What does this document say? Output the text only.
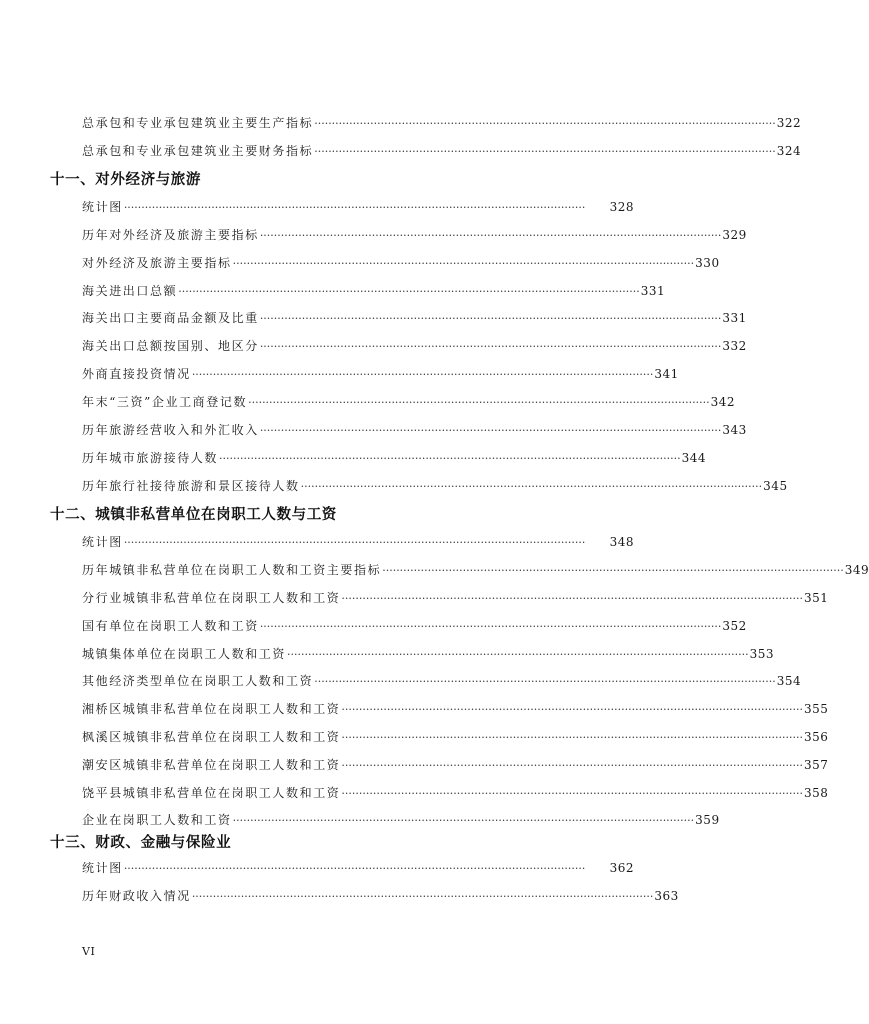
总承包和专业承包建筑业主要生产指标 ···································································································································· 322
总承包和专业承包建筑业主要财务指标 ···································································································································· 324
十一、对外经济与旅游
统计图 ····································································································································	328
历年对外经济及旅游主要指标 ···································································································································· 329
对外经济及旅游主要指标 ···································································································································· 330
海关进出口总额 ···································································································································· 331
海关出口主要商品金额及比重 ···································································································································· 331
海关出口总额按国别、地区分 ···································································································································· 332
外商直接投资情况 ···································································································································· 341
年末“三资”企业工商登记数 ···································································································································· 342
历年旅游经营收入和外汇收入 ···································································································································· 343
历年城市旅游接待人数 ···································································································································· 344
历年旅行社接待旅游和景区接待人数 ···································································································································· 345
十二、城镇非私营单位在岗职工人数与工资
统计图 ····································································································································	348
历年城镇非私营单位在岗职工人数和工资主要指标 ···································································································································· 349
分行业城镇非私营单位在岗职工人数和工资 ···································································································································· 351
国有单位在岗职工人数和工资 ···································································································································· 352
城镇集体单位在岗职工人数和工资 ···································································································································· 353
其他经济类型单位在岗职工人数和工资 ···································································································································· 354
湘桥区城镇非私营单位在岗职工人数和工资 ···································································································································· 355
枫溪区城镇非私营单位在岗职工人数和工资 ···································································································································· 356
潮安区城镇非私营单位在岗职工人数和工资 ···································································································································· 357
饶平县城镇非私营单位在岗职工人数和工资 ···································································································································· 358
企业在岗职工人数和工资 ···································································································································· 359
十三、财政、金融与保险业
统计图 ····································································································································	362
历年财政收入情况 ···································································································································· 363
VI
